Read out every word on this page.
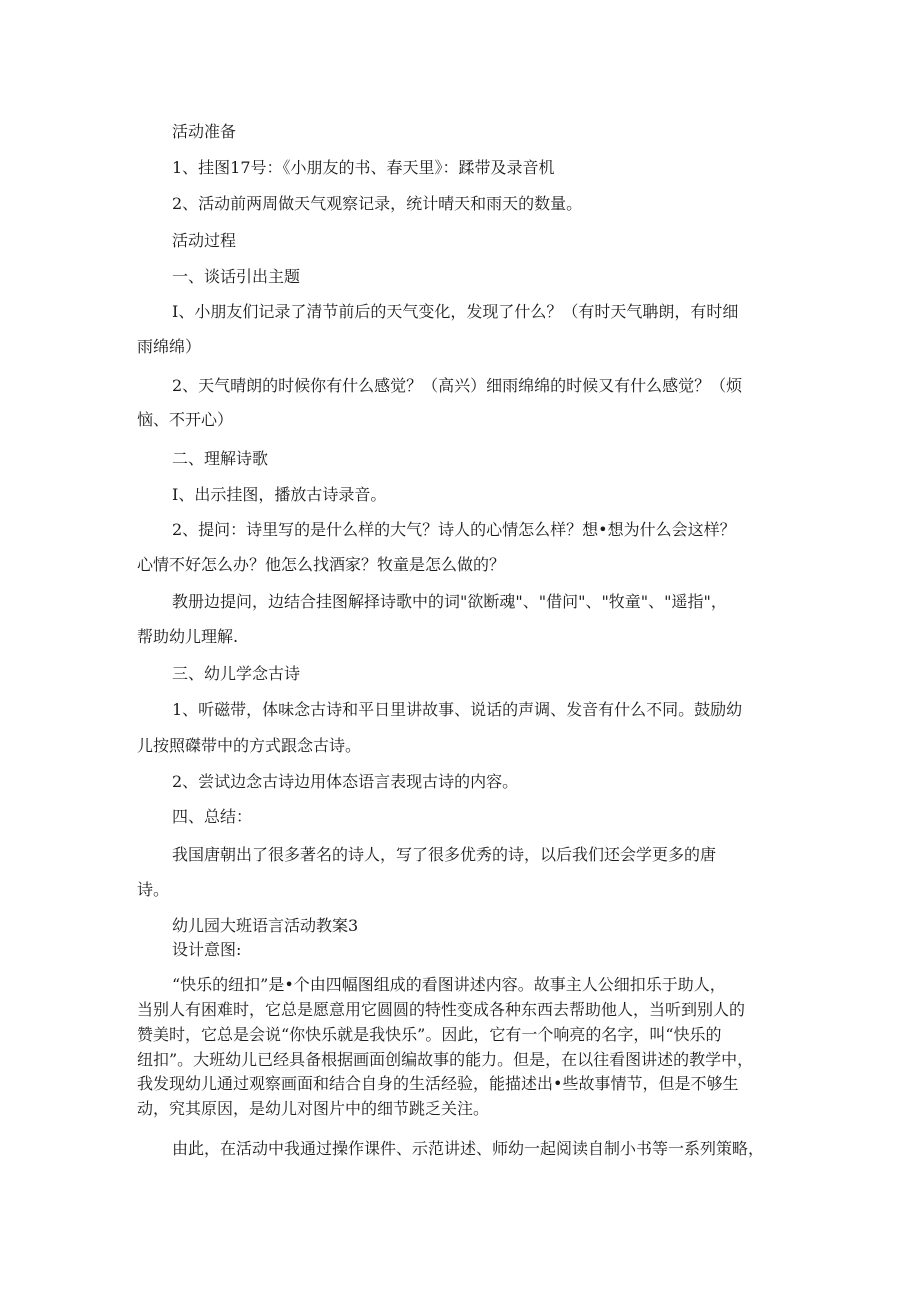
活动准备
1、挂图17号：《小朋友的书、春天里》：蹂带及录音机
2、活动前两周做天气观察记录，统计晴天和雨天的数量。
活动过程
一、谈话引出主题
I、小朋友们记录了清节前后的天气变化，发现了什么？（有时天气聃朗，有时细
雨绵绵）
2、天气晴朗的时候你有什么感觉？（高兴）细雨绵绵的时候又有什么感觉？（烦
恼、不开心）
二、理解诗歌
I、出示挂图，播放古诗录音。
2、提问：诗里写的是什么样的大气？诗人的心情怎么样？想•想为什么会这样？
心情不好怎么办？他怎么找酒家？牧童是怎么做的？
教册边提问，边结合挂图解择诗歌中的词"欲断魂"、"借问"、"牧童"、"遥指"，
帮助幼儿理解.
三、幼儿学念古诗
1、听磁带，体味念古诗和平日里讲故事、说话的声调、发音有什么不同。鼓励幼
儿按照磔带中的方式跟念古诗。
2、尝试边念古诗边用体态语言表现古诗的内容。
四、总结：
我国唐朝出了很多著名的诗人，写了很多优秀的诗，以后我们还会学更多的唐
诗。
幼儿园大班语言活动教案3
设计意图:
“快乐的纽扣”是•个由四幅图组成的看图讲述内容。故事主人公细扣乐于助人，
当别人有困难时，它总是愿意用它圆圆的特性变成各种东西去帮助他人，当听到别人的
赞美时，它总是会说“你快乐就是我快乐”。因此，它有一个响亮的名字，叫“快乐的
纽扣”。大班幼儿已经具备根据画面创编故事的能力。但是，在以往看图讲述的教学中，
我发现幼儿通过观察画面和结合自身的生活经验，能描述出•些故事情节，但是不够生
动，究其原因，是幼儿对图片中的细节跳乏关注。
由此，在活动中我通过操作课件、示范讲述、师幼一起阅读自制小书等一系列策略，
